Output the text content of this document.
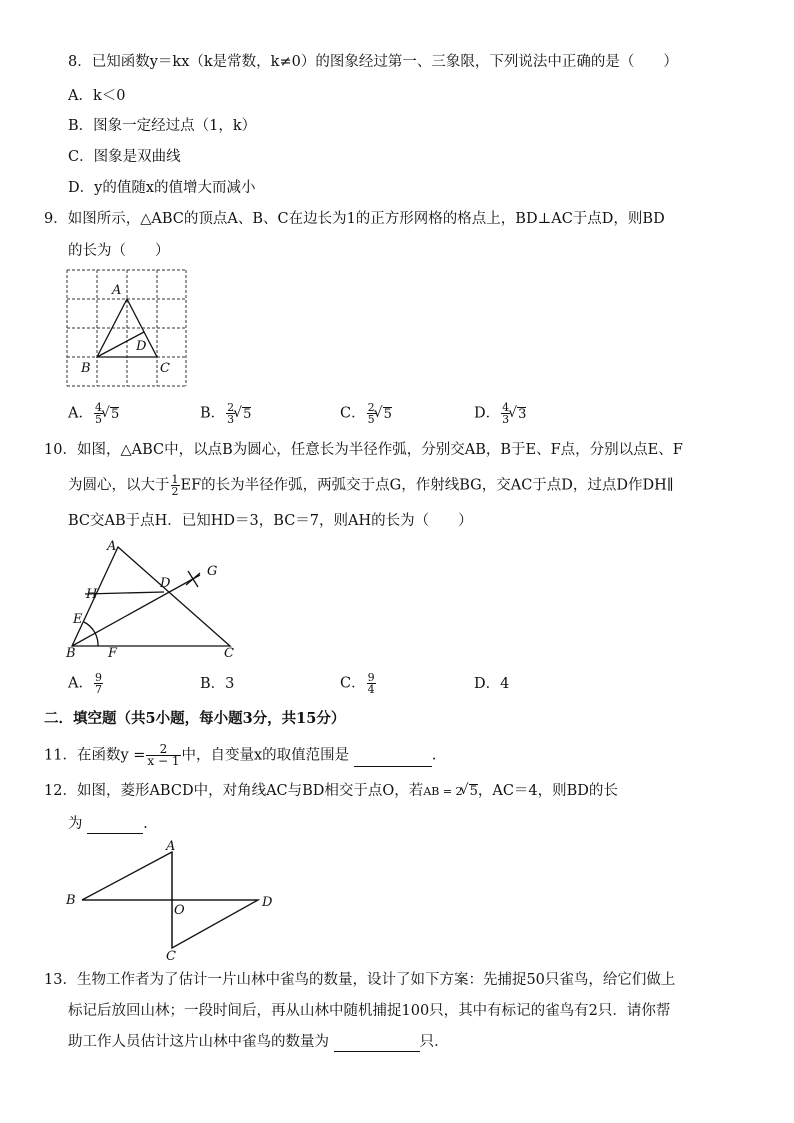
8．已知函数y＝kx（k是常数，k≠0）的图象经过第一、三象限，下列说法中正确的是（　　）
A．k＜0
B．图象一定经过点（1，k）
C．图象是双曲线
D．y的值随x的值增大而减小
9．如图所示，△ABC的顶点A、B、C在边长为1的正方形网格的格点上，BD⊥AC于点D，则BD
的长为（　　）
A
D
B	C
A． $\frac{4}{5}$ √ 5	B． $\frac{2}{3}$ √ 5	C． $\frac{2}{5}$ √ 5	D． $\frac{4}{3}$ √ 3
10．如图，△ABC中，以点B为圆心，任意长为半径作弧，分别交AB，B于E、F点，分别以点E、F
为圆心，以大于 $\frac{1}{2}$ EF的长为半径作弧，两弧交于点G，作射线BG，交AC于点D，过点D作DH∥
BC交AB于点H．已知HD＝3，BC＝7，则AH的长为（　　）
A
D
G
H
E
B F	C
A． $\frac{9}{7}$	B．3	C． $\frac{9}{4}$	D．4
二．填空题（共5小题，每小题3分，共15分）
11．在函数$y = \frac{2}{x - 1}$ 中，自变量x的取值范围是	.
12．如图，菱形ABCD中，对角线AC与BD相交于点O，若AB = 2 √ 5，AC＝4，则BD的长
为	.
A
B
O
D
C
13．生物工作者为了估计一片山林中雀鸟的数量，设计了如下方案：先捕捉50只雀鸟，给它们做上
标记后放回山林；一段时间后，再从山林中随机捕捉100只，其中有标记的雀鸟有2只．请你帮
助工作人员估计这片山林中雀鸟的数量为	只．
